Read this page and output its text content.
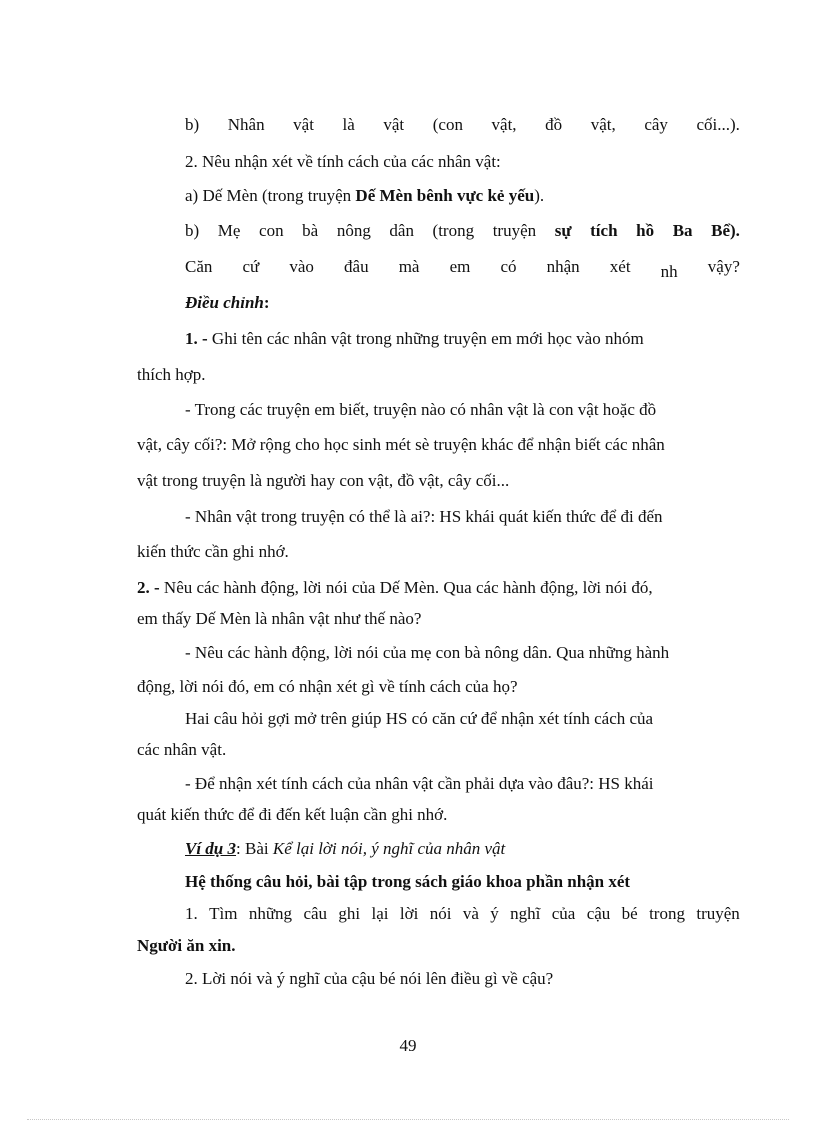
b) Nhân vật là vật (con vật, đồ vật, cây cối...).
2. Nêu nhận xét về tính cách của các nhân vật:
a) Dế Mèn (trong truyện Dế Mèn bênh vực kẻ yếu).
b) Mẹ con bà nông dân (trong truyện sự tích hồ Ba Bể).
Căn cứ vào đâu mà em có nhận xét nh vậy?
Điều chỉnh:
1. - Ghi tên các nhân vật trong những truyện em mới học vào nhóm
thích hợp.
- Trong các truyện em biết, truyện nào có nhân vật là con vật hoặc đồ
vật, cây cối?: Mở rộng cho học sinh mét sè truyện khác để nhận biết các nhân
vật trong truyện là người hay con vật, đồ vật, cây cối...
- Nhân vật trong truyện có thể là ai?: HS khái quát kiến thức để đi đến
kiến thức cần ghi nhớ.
2. - Nêu các hành động, lời nói của Dế Mèn. Qua các hành động, lời nói đó,
em thấy Dế Mèn là nhân vật như thế nào?
- Nêu các hành động, lời nói của mẹ con bà nông dân. Qua những hành
động, lời nói đó, em có nhận xét gì về tính cách của họ?
Hai câu hỏi gợi mở trên giúp HS có căn cứ để nhận xét tính cách của
các nhân vật.
- Để nhận xét tính cách của nhân vật cần phải dựa vào đâu?: HS khái
quát kiến thức để đi đến kết luận cần ghi nhớ.
Ví dụ 3: Bài Kể lại lời nói, ý nghĩ của nhân vật
Hệ thống câu hỏi, bài tập trong sách giáo khoa phần nhận xét
1. Tìm những câu ghi lại lời nói và ý nghĩ của cậu bé trong truyện
Người ăn xin.
2. Lời nói và ý nghĩ của cậu bé nói lên điều gì về cậu?
49
